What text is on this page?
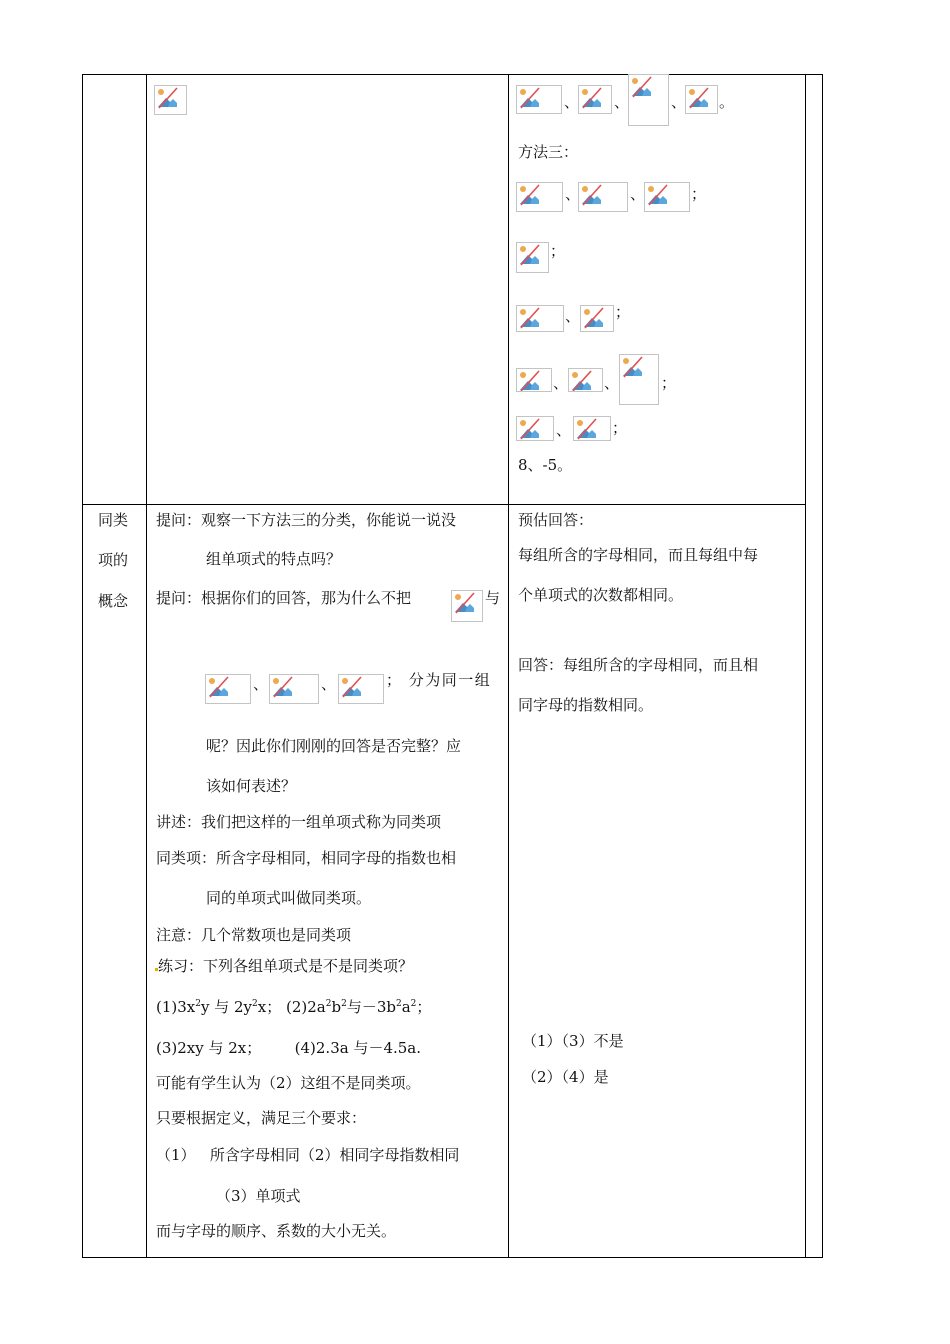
、 、	、 。
方法三：
、	、	；
；
、 ；
、 、	；
、	；
8、-5。
同类
项的
概念
提问：观察一下方法三的分类，你能说一说没
组单项式的特点吗？
提问：根据你们的回答，那为什么不把	与
、	、	； 分为同一组
呢？因此你们刚刚的回答是否完整？应
该如何表述？
讲述：我们把这样的一组单项式称为同类项
同类项：所含字母相同，相同字母的指数也相
同的单项式叫做同类项。
注意：几个常数项也是同类项
练习：下列各组单项式是不是同类项？
$(1)3x^2y$ 与 $2y^2x$； $(2)2a^2b^2$与$-3b^2a^2$；
(3)2xy 与 2x；       (4)2.3a 与－4.5a.
可能有学生认为（2）这组不是同类项。
只要根据定义，满足三个要求：
（1）   所含字母相同（2）相同字母指数相同
（3）单项式
而与字母的顺序、系数的大小无关。
预估回答：
每组所含的字母相同，而且每组中每
个单项式的次数都相同。
回答：每组所含的字母相同，而且相
同字母的指数相同。
（1）（3）不是
（2）（4）是
